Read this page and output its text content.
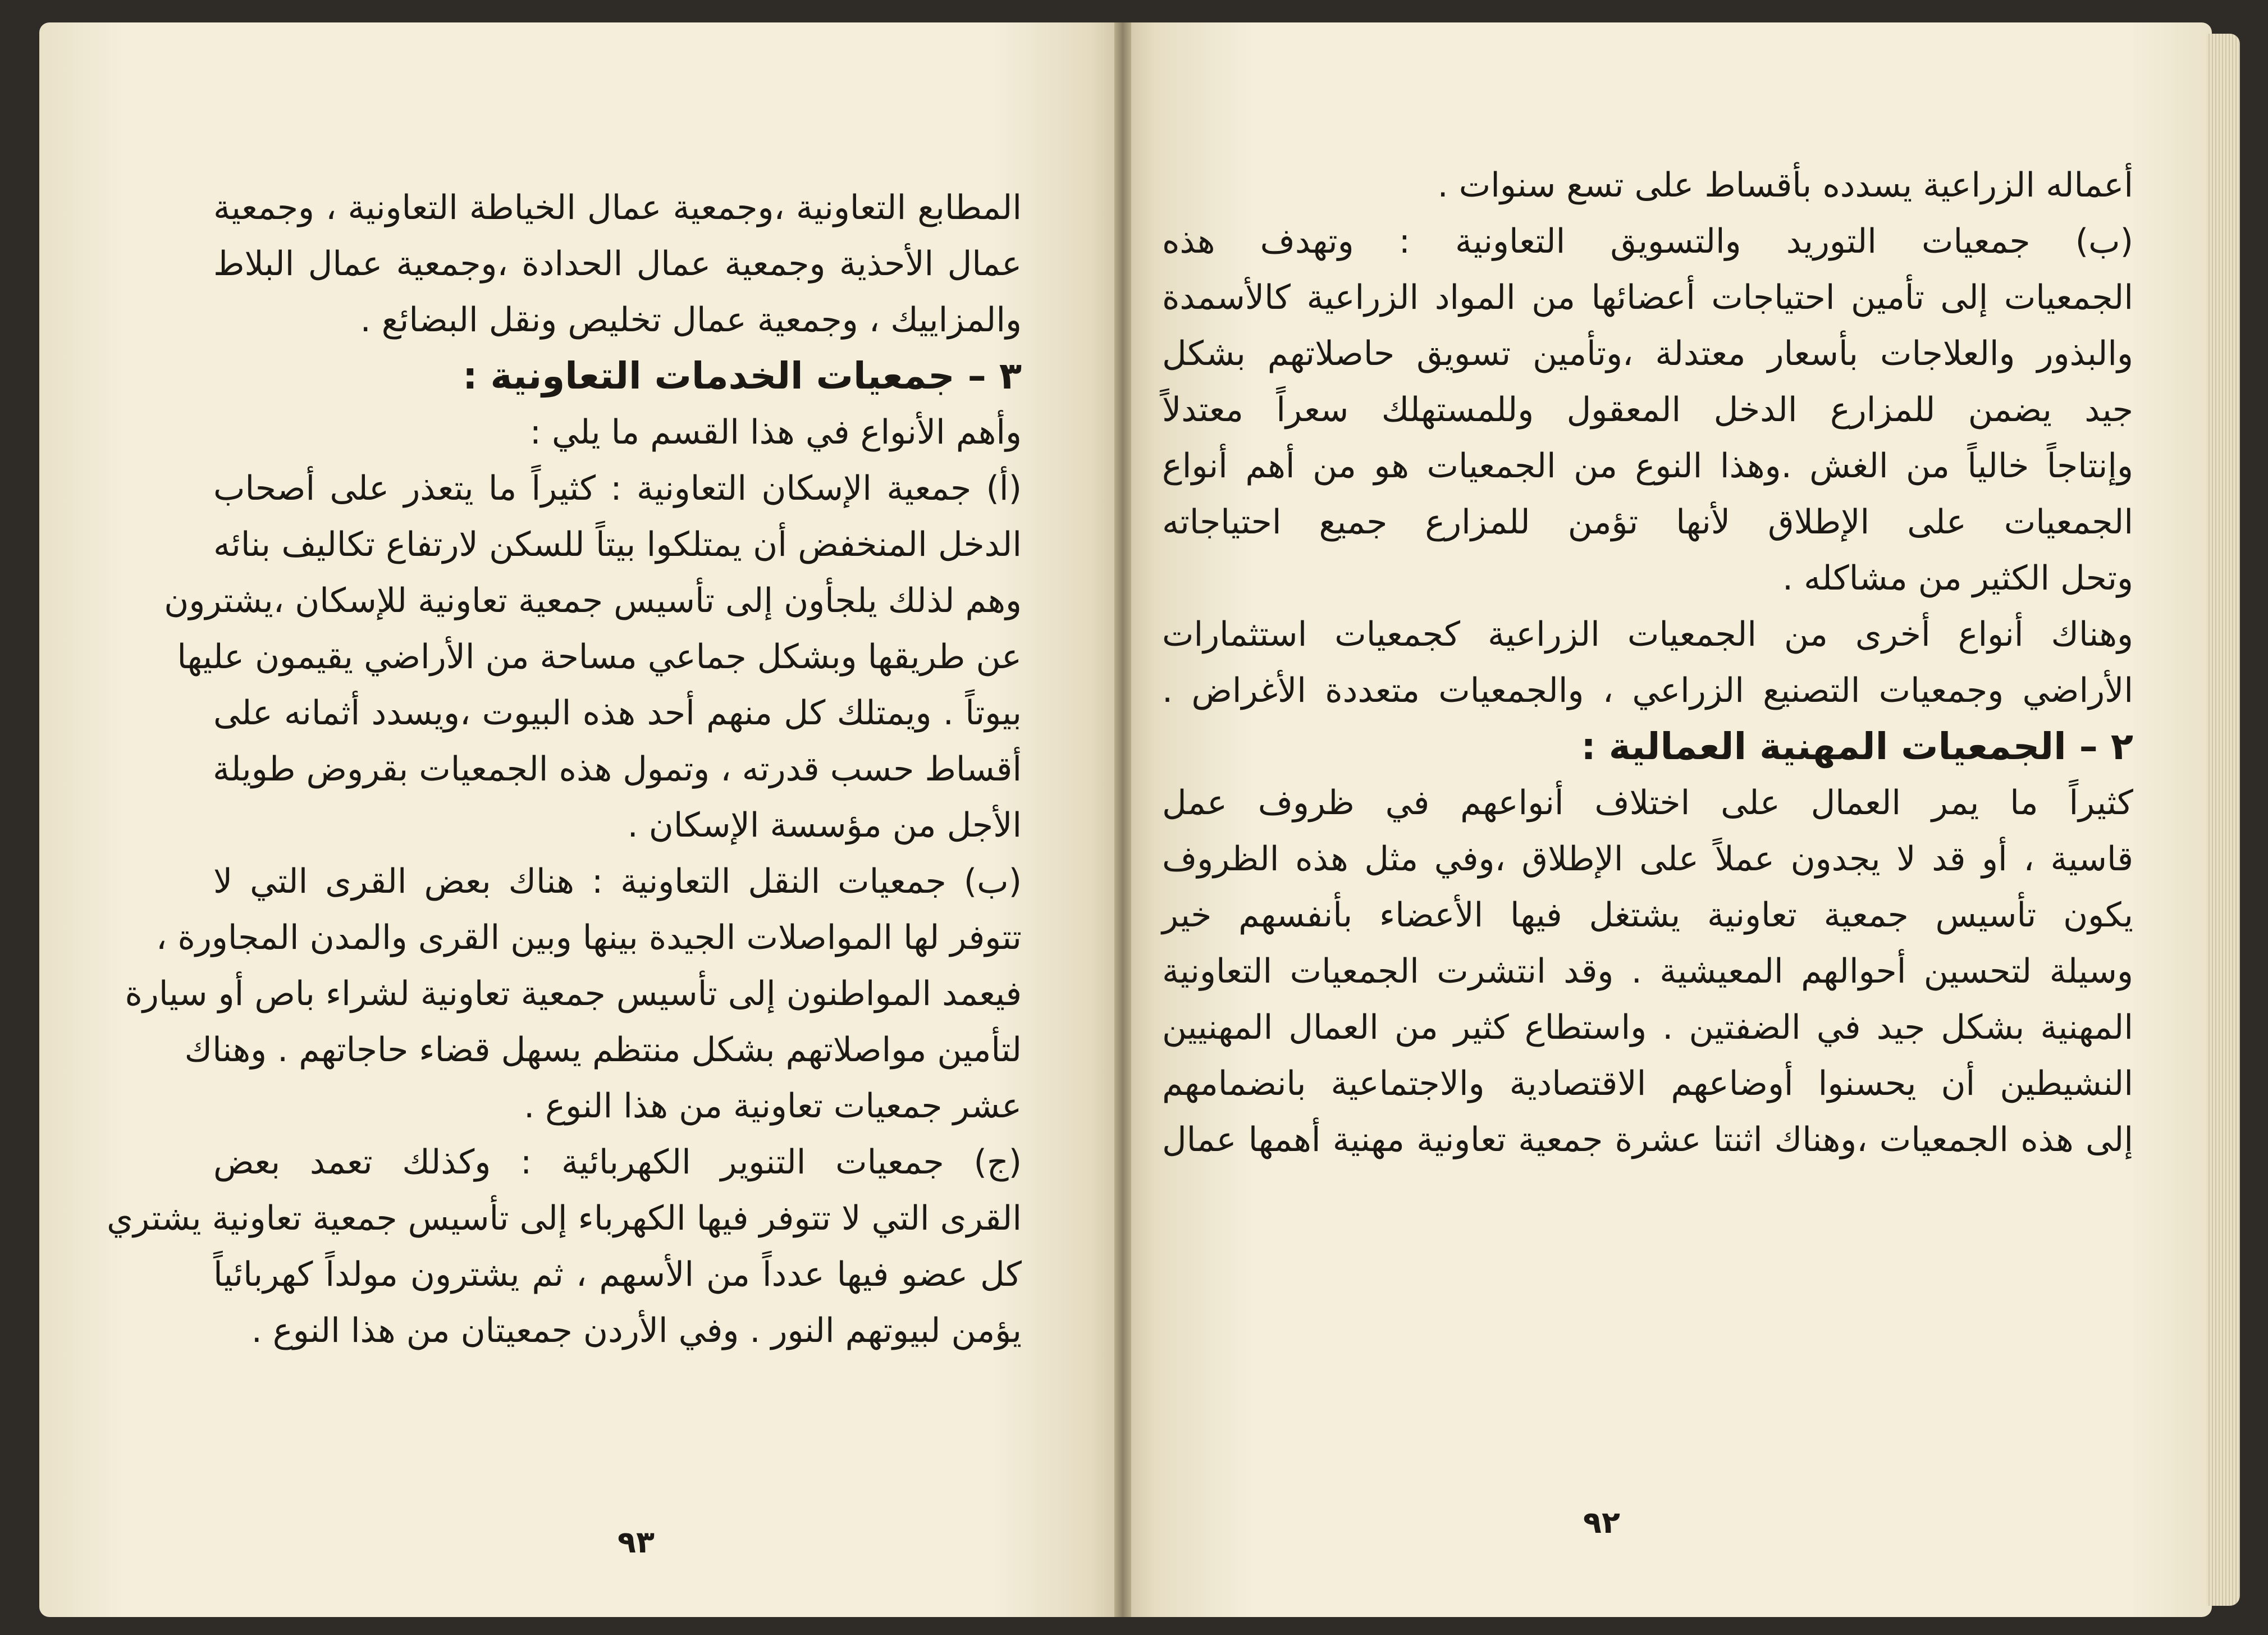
المطابع التعاونية ،وجمعية عمال الخياطة التعاونية ، وجمعية
عمال الأحذية وجمعية عمال الحدادة ،وجمعية عمال البلاط
والمزاييك ، وجمعية عمال تخليص ونقل البضائع .
٣ – جمعيات الخدمات التعاونية :
وأهم الأنواع في هذا القسم ما يلي :
(أ) جمعية الإسكان التعاونية : كثيراً ما يتعذر على أصحاب
الدخل المنخفض أن يمتلكوا بيتاً للسكن لارتفاع تكاليف بنائه
وهم لذلك يلجأون إلى تأسيس جمعية تعاونية للإسكان ،يشترون
عن طريقها وبشكل جماعي مساحة من الأراضي يقيمون عليها
بيوتاً . ويمتلك كل منهم أحد هذه البيوت ،ويسدد أثمانه على
أقساط حسب قدرته ، وتمول هذه الجمعيات بقروض طويلة
الأجل من مؤسسة الإسكان .
(ب) جمعيات النقل التعاونية : هناك بعض القرى التي لا
تتوفر لها المواصلات الجيدة بينها وبين القرى والمدن المجاورة ،
فيعمد المواطنون إلى تأسيس جمعية تعاونية لشراء باص أو سيارة
لتأمين مواصلاتهم بشكل منتظم يسهل قضاء حاجاتهم . وهناك
عشر جمعيات تعاونية من هذا النوع .
(ج) جمعيات التنوير الكهربائية : وكذلك تعمد بعض
القرى التي لا تتوفر فيها الكهرباء إلى تأسيس جمعية تعاونية يشتري
كل عضو فيها عدداً من الأسهم ، ثم يشترون مولداً كهربائياً
يؤمن لبيوتهم النور . وفي الأردن جمعيتان من هذا النوع .
أعماله الزراعية يسدده بأقساط على تسع سنوات .
(ب) جمعيات التوريد والتسويق التعاونية : وتهدف هذه
الجمعيات إلى تأمين احتياجات أعضائها من المواد الزراعية كالأسمدة
والبذور والعلاجات بأسعار معتدلة ،وتأمين تسويق حاصلاتهم بشكل
جيد يضمن للمزارع الدخل المعقول وللمستهلك سعراً معتدلاً
وإنتاجاً خالياً من الغش .وهذا النوع من الجمعيات هو من أهم أنواع
الجمعيات على الإطلاق لأنها تؤمن للمزارع جميع احتياجاته
وتحل الكثير من مشاكله .
وهناك أنواع أخرى من الجمعيات الزراعية كجمعيات استثمارات
الأراضي وجمعيات التصنيع الزراعي ، والجمعيات متعددة الأغراض .
٢ – الجمعيات المهنية العمالية :
كثيراً ما يمر العمال على اختلاف أنواعهم في ظروف عمل
قاسية ، أو قد لا يجدون عملاً على الإطلاق ،وفي مثل هذه الظروف
يكون تأسيس جمعية تعاونية يشتغل فيها الأعضاء بأنفسهم خير
وسيلة لتحسين أحوالهم المعيشية . وقد انتشرت الجمعيات التعاونية
المهنية بشكل جيد في الضفتين . واستطاع كثير من العمال المهنيين
النشيطين أن يحسنوا أوضاعهم الاقتصادية والاجتماعية بانضمامهم
إلى هذه الجمعيات ،وهناك اثنتا عشرة جمعية تعاونية مهنية أهمها عمال
٩٣
٩٢
